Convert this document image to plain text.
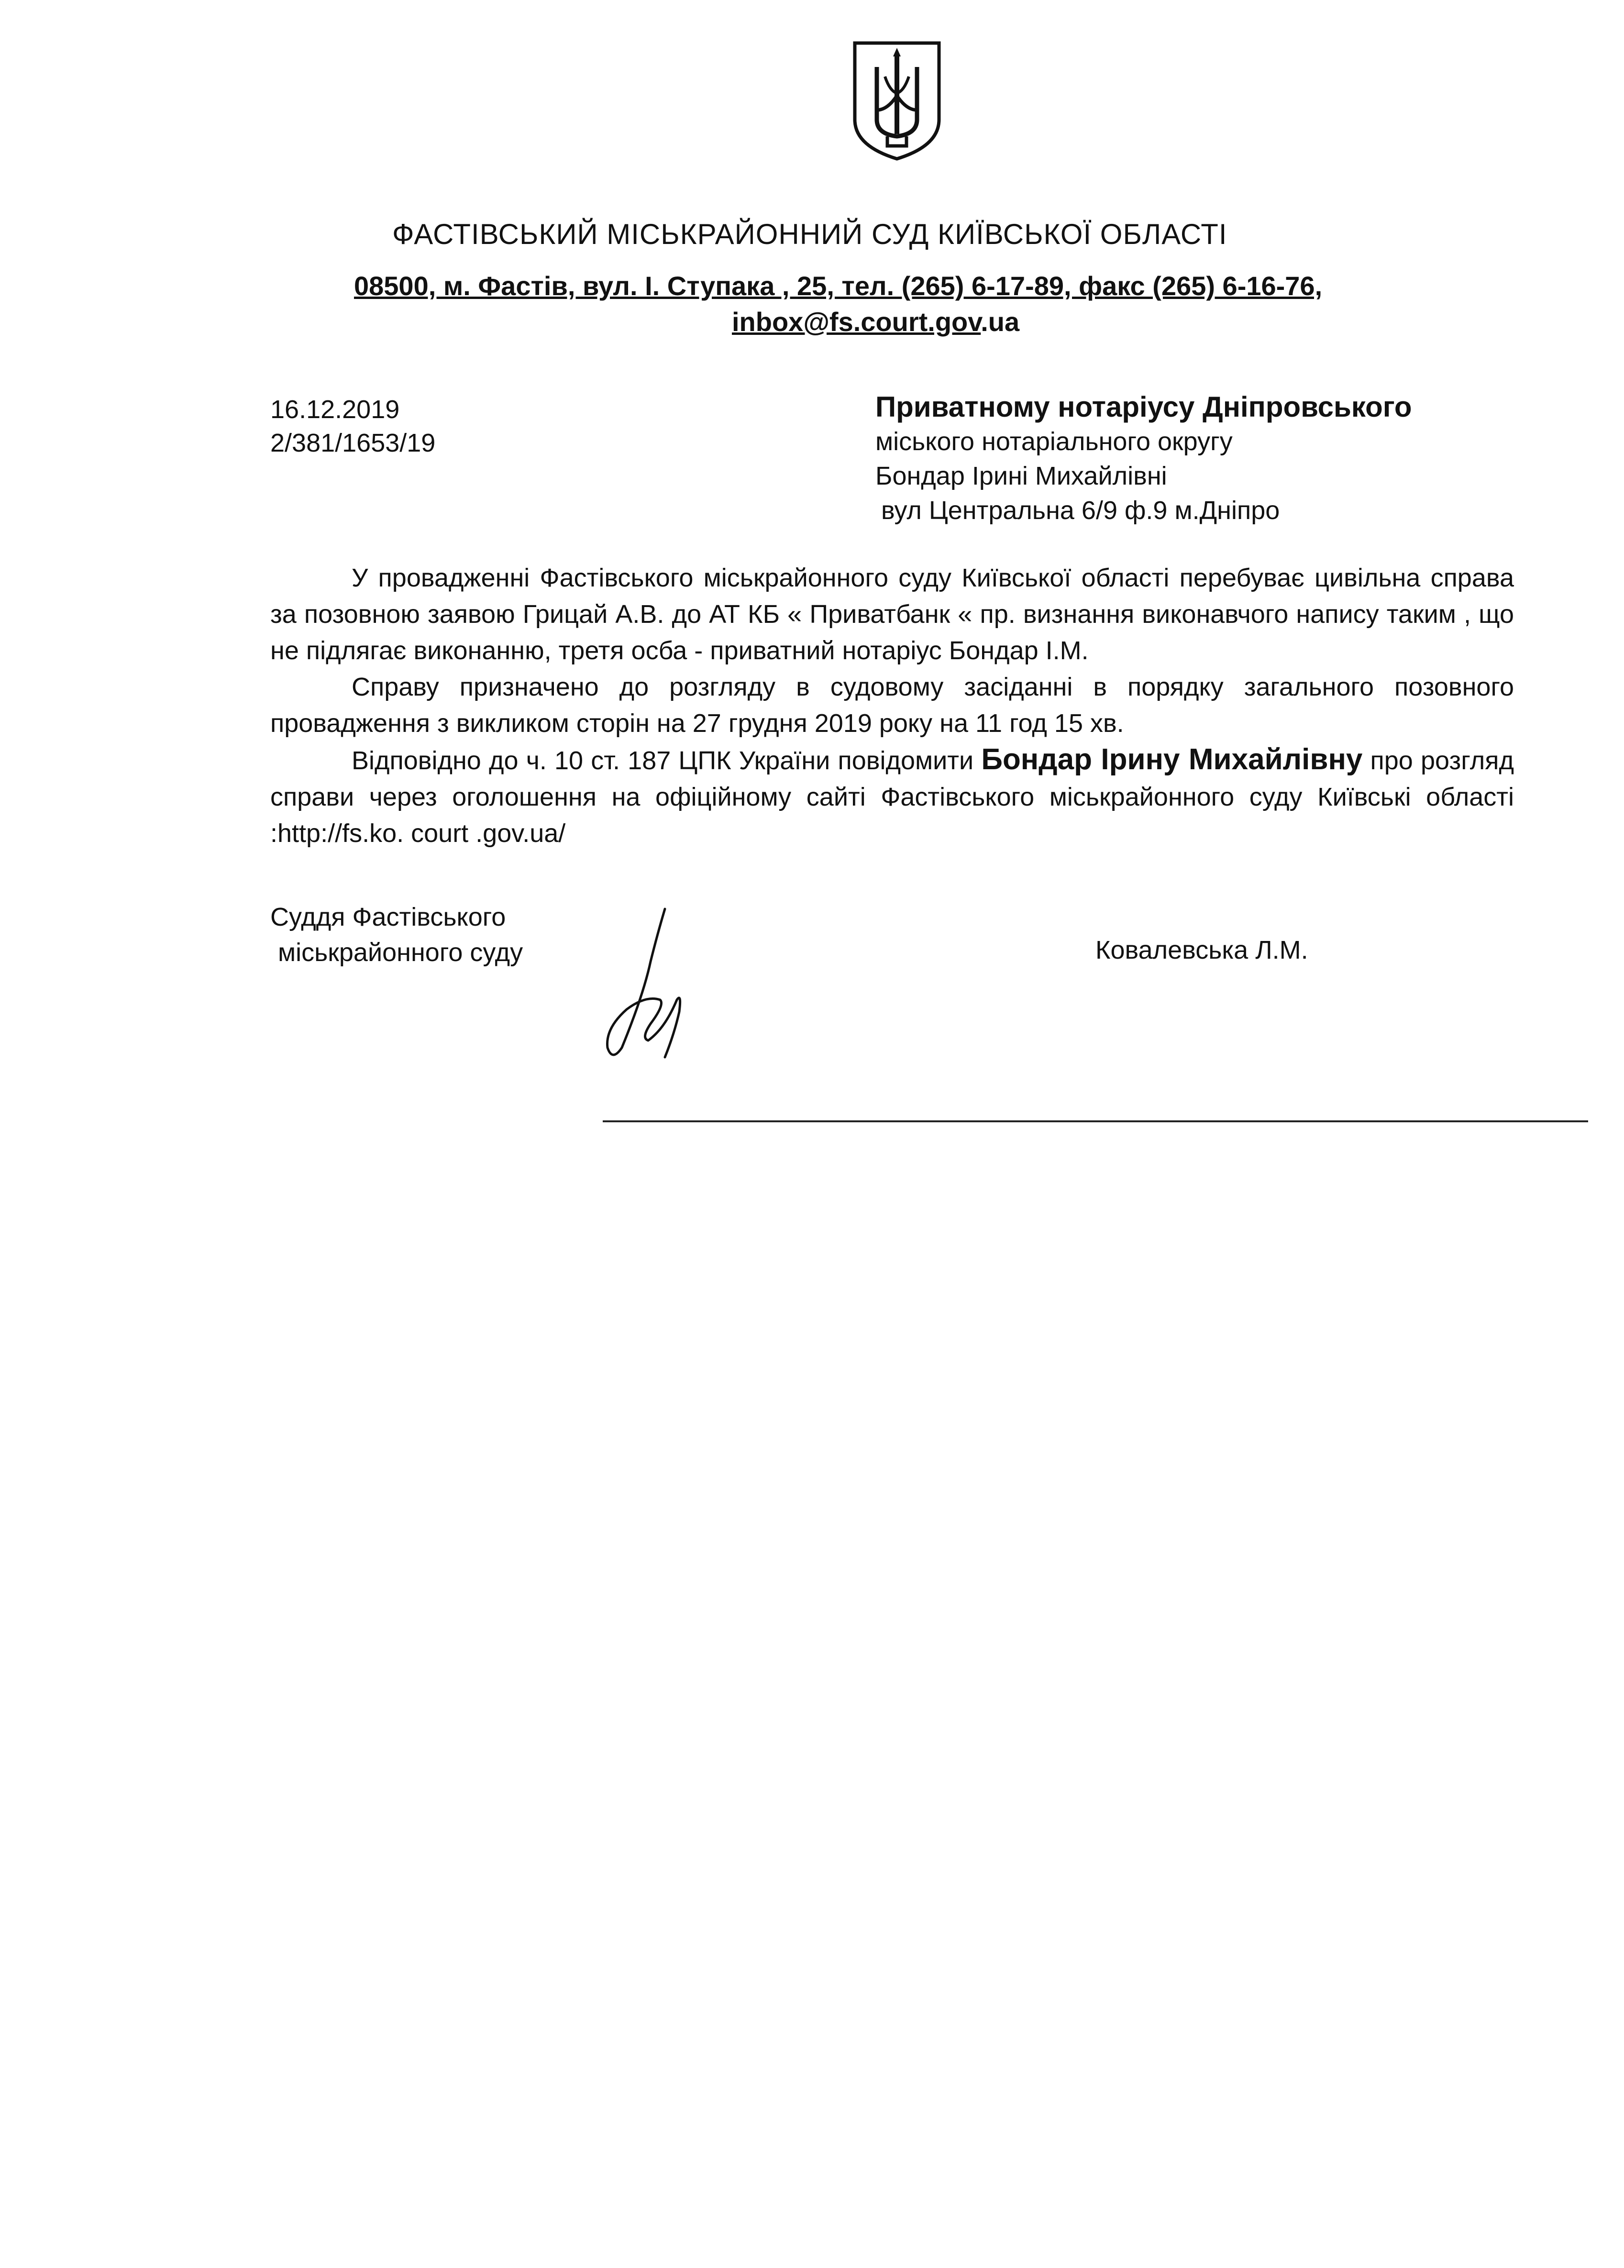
ФАСТІВСЬКИЙ МІСЬКРАЙОННИЙ СУД КИЇВСЬКОЇ ОБЛАСТІ
08500, м. Фастів, вул. І. Ступака , 25, тел. (265) 6-17-89, факс (265) 6-16-76,
inbox@fs.court.gov.ua
16.12.2019
2/381/1653/19
Приватному нотаріусу Дніпровського
міського нотаріального округу
Бондар Ірині Михайлівні
вул Центральна 6/9 ф.9 м.Дніпро

У провадженні Фастівського міськрайонного суду Київської області перебуває цивільна справа за позовною заявою Грицай А.В. до АТ КБ « Приватбанк « пр. визнання виконавчого напису таким , що не підлягає виконанню, третя осба - приватний нотаріус Бондар І.М.

Справу призначено до розгляду в судовому засіданні в порядку загального позовного провадження з викликом сторін на 27 грудня 2019 року на 11 год 15 хв.

Відповідно до ч. 10 ст. 187 ЦПК України повідомити Бондар Ірину Михайлівну про розгляд справи через оголошення на офіційному сайті Фастівського міськрайонного суду Київські області :http://fs.ko. court .gov.ua/

Суддя Фастівського
міськрайонного суду	Ковалевська Л.М.
